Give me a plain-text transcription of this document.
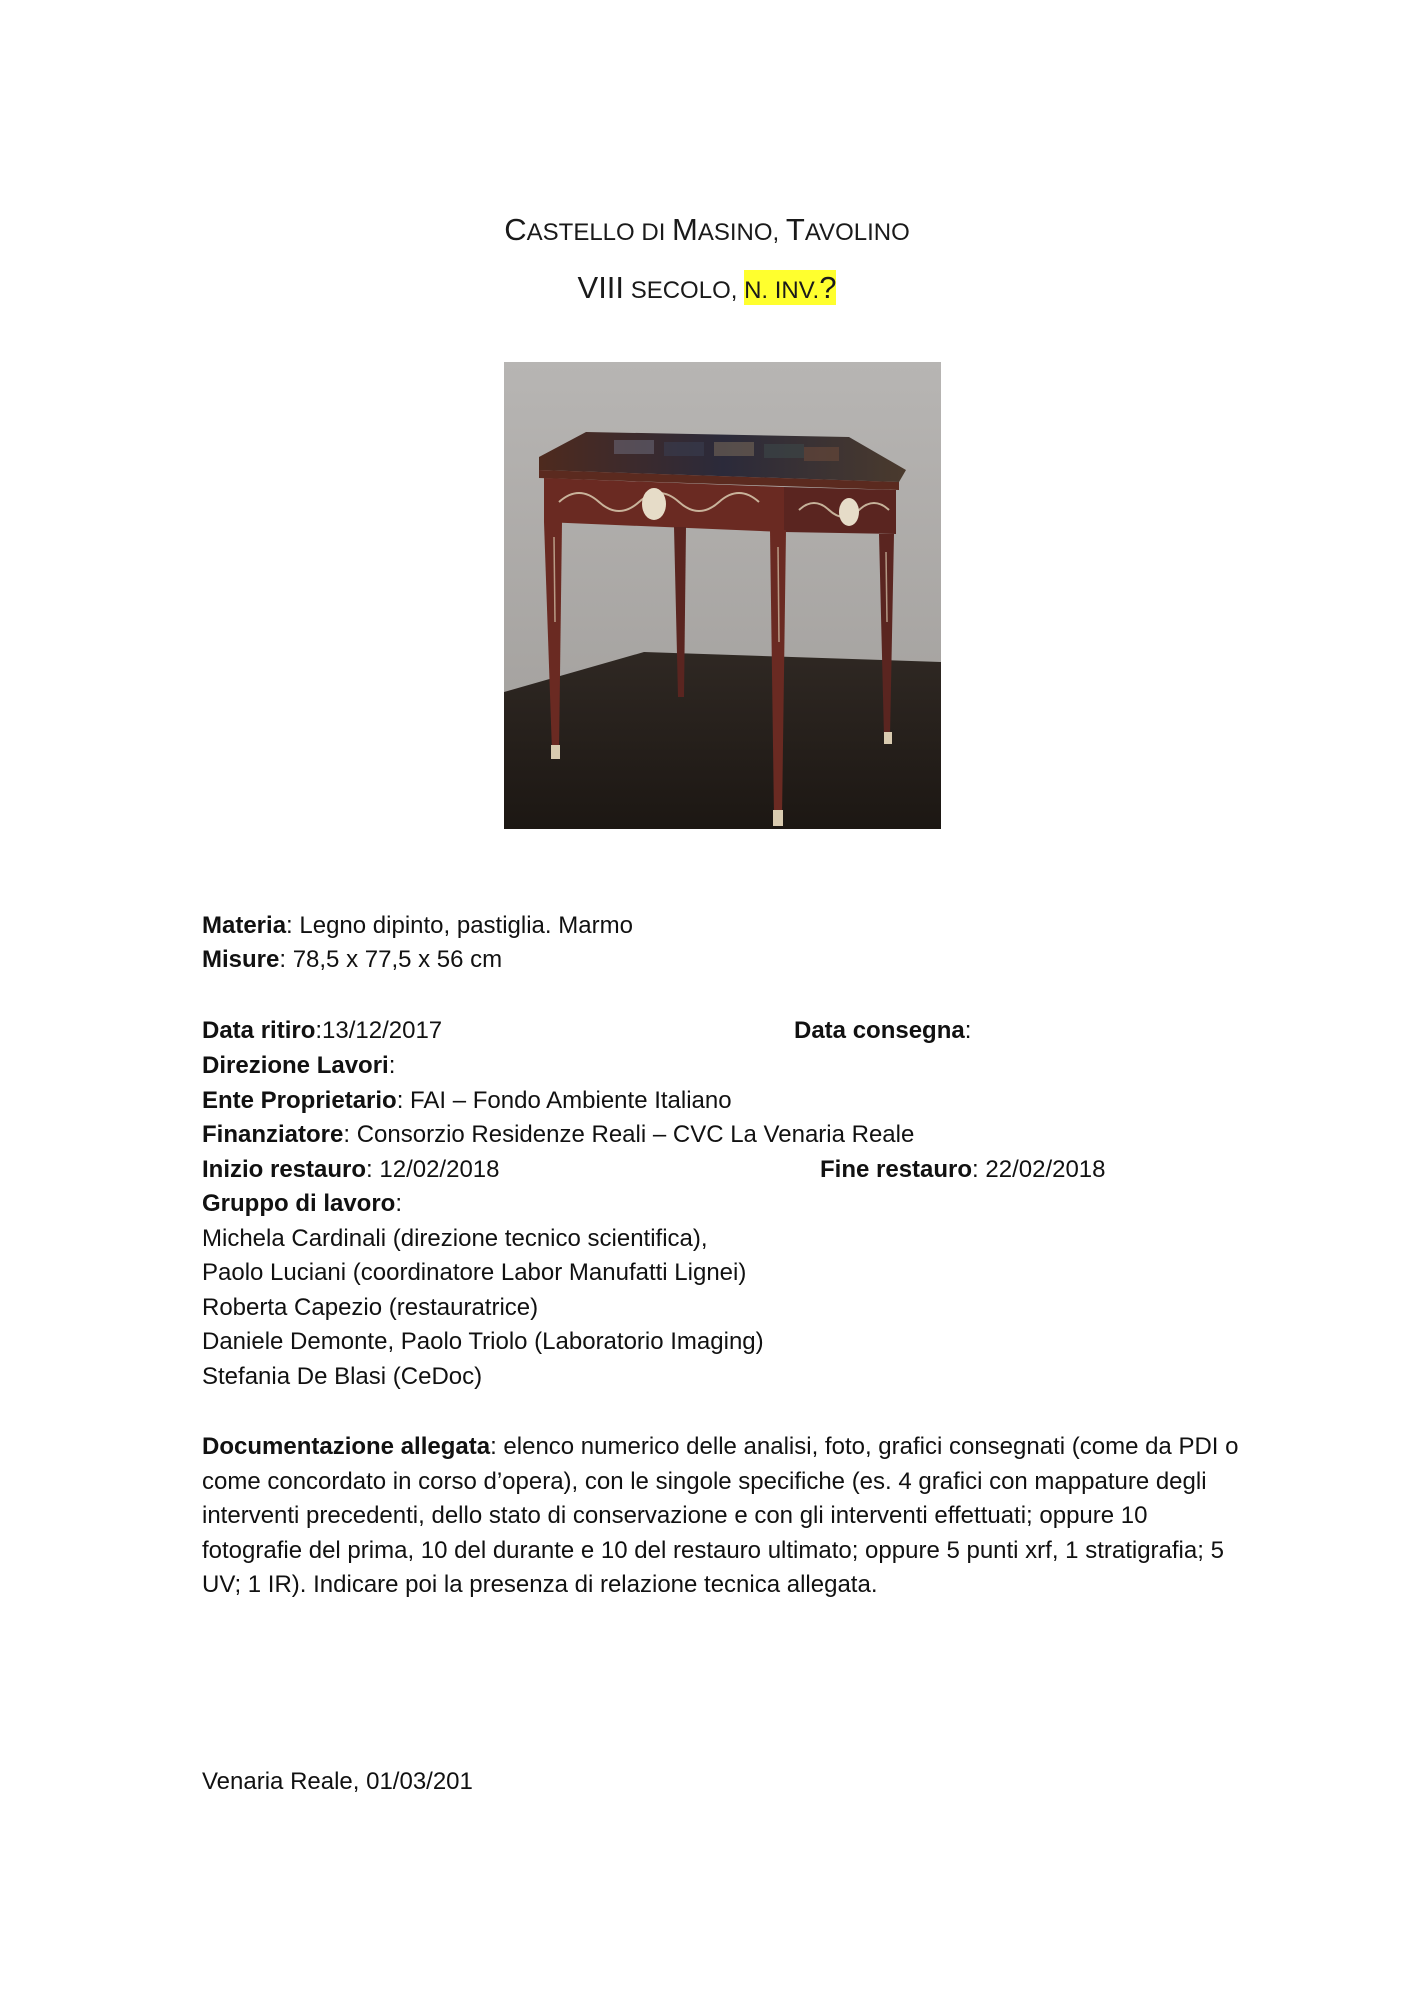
CASTELLO DI MASINO, TAVOLINO
VIII SECOLO, N. INV.?
Materia: Legno dipinto, pastiglia. Marmo
Misure: 78,5 x 77,5 x 56 cm
Data ritiro:13/12/2017	Data consegna:
Direzione Lavori:
Ente Proprietario: FAI – Fondo Ambiente Italiano
Finanziatore: Consorzio Residenze Reali – CVC La Venaria Reale
Inizio restauro: 12/02/2018	Fine restauro: 22/02/2018
Gruppo di lavoro:
Michela Cardinali (direzione tecnico scientifica),
Paolo Luciani (coordinatore Labor Manufatti Lignei)
Roberta Capezio (restauratrice)
Daniele Demonte, Paolo Triolo (Laboratorio Imaging)
Stefania De Blasi (CeDoc)
Documentazione allegata: elenco numerico delle analisi, foto, grafici consegnati (come da PDI o come concordato in corso d’opera), con le singole specifiche (es. 4 grafici con mappature degli interventi precedenti, dello stato di conservazione e con gli interventi effettuati; oppure 10 fotografie del prima, 10 del durante e 10 del restauro ultimato; oppure 5 punti xrf, 1 stratigrafia; 5 UV; 1 IR). Indicare poi la presenza di relazione tecnica allegata.
Venaria Reale, 01/03/201
